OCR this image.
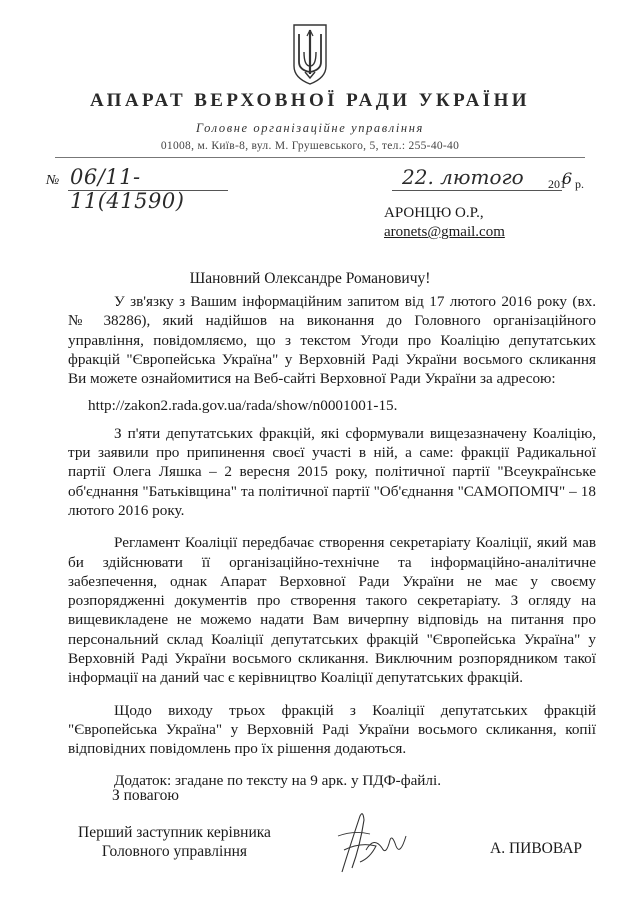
АПАРАТ ВЕРХОВНОЇ РАДИ УКРАЇНИ
Головне організаційне управління
01008, м. Київ-8, вул. М. Грушевського, 5, тел.: 255-40-40
№ 06/11-11(41590)
22. лютого 201
6 р.
АРОНЦЮ О.Р.,
aronets@gmail.com
Шановний Олександре Романовичу!

У зв'язку з Вашим інформаційним запитом від 17 лютого 2016 року (вх. № 38286), який надійшов на виконання до Головного організаційного управління, повідомляємо, що з текстом Угоди про Коаліцію депутатських фракцій "Європейська Україна" у Верховній Раді України восьмого скликання Ви можете ознайомитися на Веб-сайті Верховної Ради України за адресою:

http://zakon2.rada.gov.ua/rada/show/n0001001-15.

З п'яти депутатських фракцій, які сформували вищезазначену Коаліцію, три заявили про припинення своєї участі в ній, а саме: фракції Радикальної партії Олега Ляшка – 2 вересня 2015 року, політичної партії "Всеукраїнське об'єднання "Батьківщина" та політичної партії "Об'єднання "САМОПОМІЧ" – 18 лютого 2016 року.

Регламент Коаліції передбачає створення секретаріату Коаліції, який мав би здійснювати її організаційно-технічне та інформаційно-аналітичне забезпечення, однак Апарат Верховної Ради України не має у своєму розпорядженні документів про створення такого секретаріату. З огляду на вищевикладене не можемо надати Вам вичерпну відповідь на питання про персональний склад Коаліції депутатських фракцій "Європейська Україна" у Верховній Раді України восьмого скликання. Виключним розпорядником такої інформації на даний час є керівництво Коаліції депутатських фракцій.

Щодо виходу трьох фракцій з Коаліції депутатських фракцій "Європейська Україна" у Верховній Раді України восьмого скликання, копії відповідних повідомлень про їх рішення додаються.

Додаток: згадане по тексту на 9 арк. у ПДФ-файлі.

З повагою
Перший заступник керівника
Головного управління	А. ПИВОВАР
